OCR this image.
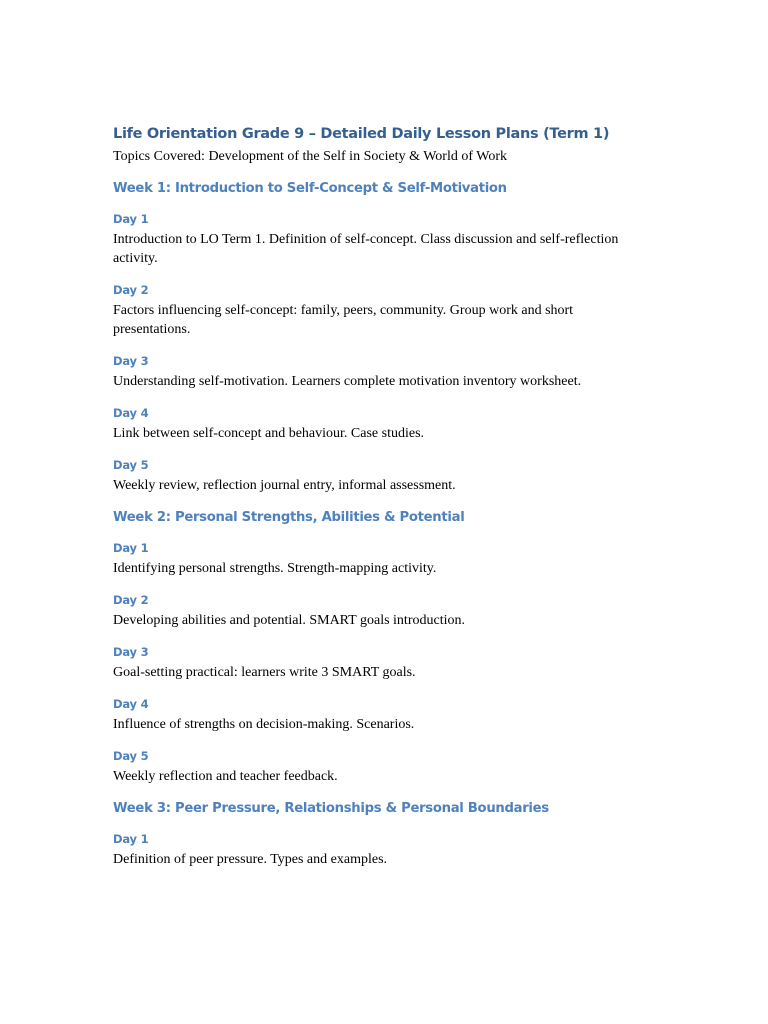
Life Orientation Grade 9 – Detailed Daily Lesson Plans (Term 1)

Topics Covered: Development of the Self in Society & World of Work

Week 1: Introduction to Self-Concept & Self-Motivation
Day 1

Introduction to LO Term 1. Definition of self-concept. Class discussion and self-reflection activity.

Day 2

Factors influencing self-concept: family, peers, community. Group work and short presentations.

Day 3

Understanding self-motivation. Learners complete motivation inventory worksheet.

Day 4

Link between self-concept and behaviour. Case studies.

Day 5

Weekly review, reflection journal entry, informal assessment.

Week 2: Personal Strengths, Abilities & Potential
Day 1

Identifying personal strengths. Strength-mapping activity.

Day 2

Developing abilities and potential. SMART goals introduction.

Day 3

Goal-setting practical: learners write 3 SMART goals.

Day 4

Influence of strengths on decision-making. Scenarios.

Day 5

Weekly reflection and teacher feedback.

Week 3: Peer Pressure, Relationships & Personal Boundaries
Day 1

Definition of peer pressure. Types and examples.
